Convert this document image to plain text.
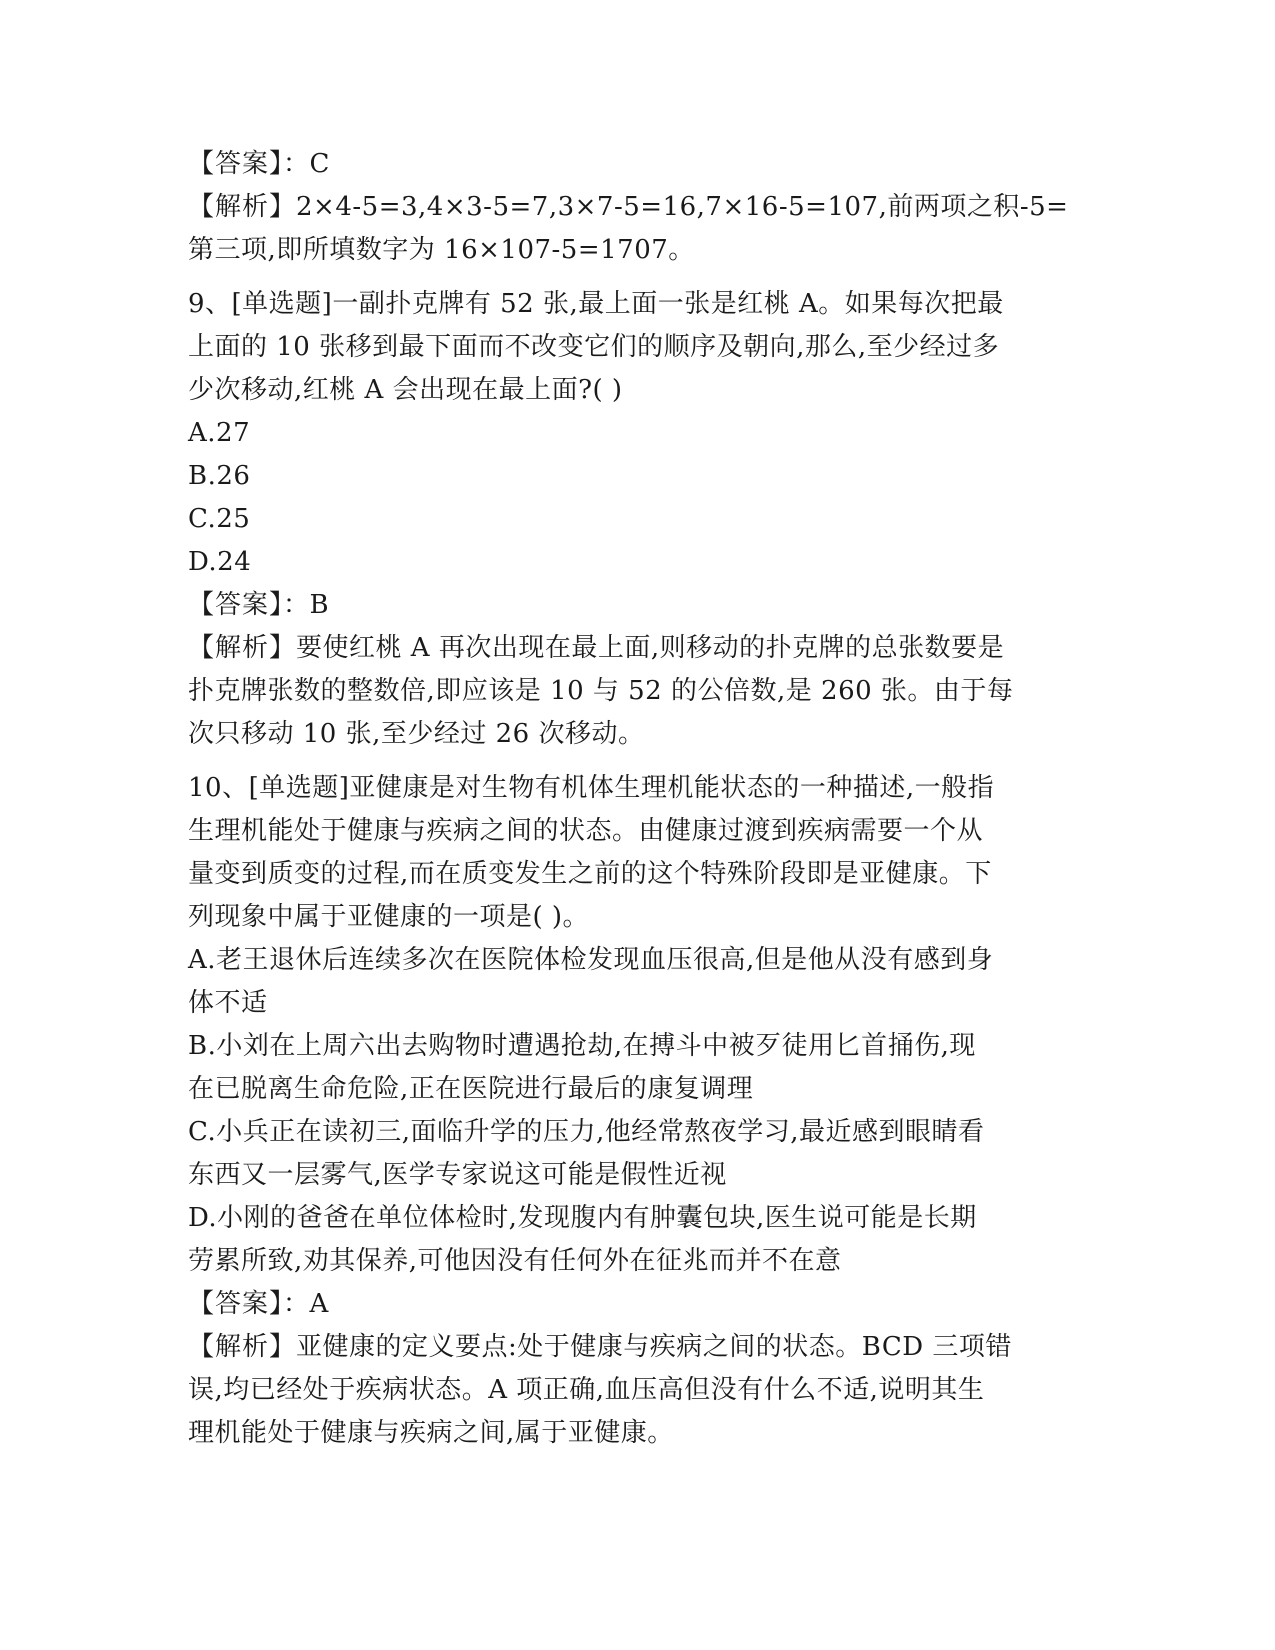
【答案】：C
【解析】2×4-5=3,4×3-5=7,3×7-5=16,7×16-5=107,前两项之积-5=
第三项,即所填数字为 16×107-5=1707。
9、[单选题]一副扑克牌有 52 张,最上面一张是红桃 A。如果每次把最
上面的 10 张移到最下面而不改变它们的顺序及朝向,那么,至少经过多
少次移动,红桃 A 会出现在最上面?( )
A.27
B.26
C.25
D.24
【答案】：B
【解析】要使红桃 A 再次出现在最上面,则移动的扑克牌的总张数要是
扑克牌张数的整数倍,即应该是 10 与 52 的公倍数,是 260 张。由于每
次只移动 10 张,至少经过 26 次移动。
10、[单选题]亚健康是对生物有机体生理机能状态的一种描述,一般指
生理机能处于健康与疾病之间的状态。由健康过渡到疾病需要一个从
量变到质变的过程,而在质变发生之前的这个特殊阶段即是亚健康。下
列现象中属于亚健康的一项是( )。
A.老王退休后连续多次在医院体检发现血压很高,但是他从没有感到身
体不适
B.小刘在上周六出去购物时遭遇抢劫,在搏斗中被歹徒用匕首捅伤,现
在已脱离生命危险,正在医院进行最后的康复调理
C.小兵正在读初三,面临升学的压力,他经常熬夜学习,最近感到眼睛看
东西又一层雾气,医学专家说这可能是假性近视
D.小刚的爸爸在单位体检时,发现腹内有肿囊包块,医生说可能是长期
劳累所致,劝其保养,可他因没有任何外在征兆而并不在意
【答案】：A
【解析】亚健康的定义要点:处于健康与疾病之间的状态。BCD 三项错
误,均已经处于疾病状态。A 项正确,血压高但没有什么不适,说明其生
理机能处于健康与疾病之间,属于亚健康。
